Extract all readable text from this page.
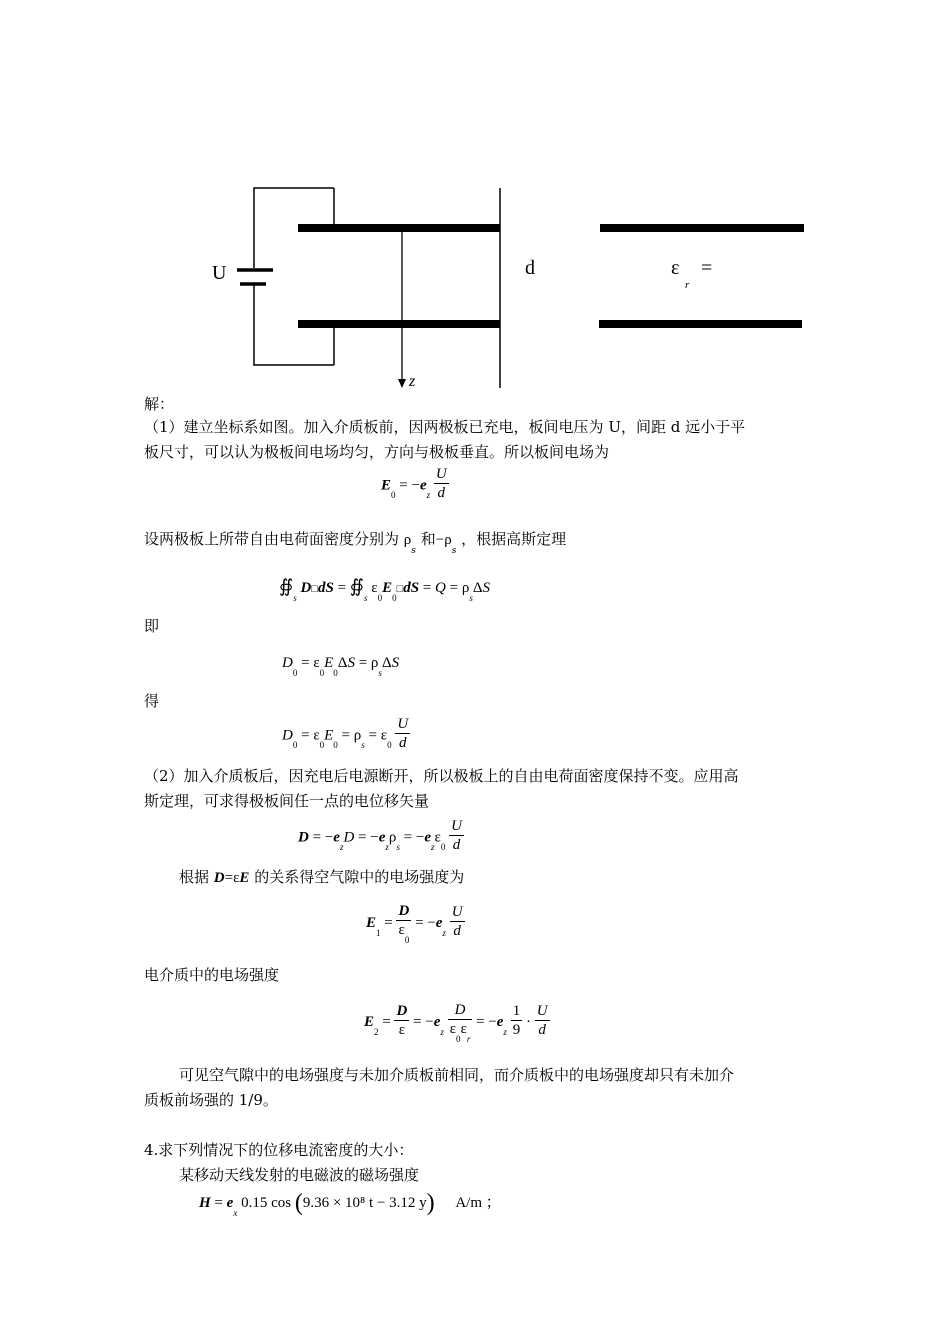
U	d
z
ε
r
=
解：
（1）建立坐标系如图。加入介质板前，因两极板已充电，板间电压为 U，间距 d 远小于平
板尺寸，可以认为极板间电场均匀，方向与极板垂直。所以板间电场为
$E_0 = -e_z \frac{U}{d}$
设两极板上所带自由电荷面密度分别为 $\rho_s$ 和$-\rho_s$ ，根据高斯定理
$∯_s$ D□dS = $∯_s$ $\varepsilon_0E_0□dS = Q = \rho_s\Delta S$
即
$D_0 = \varepsilon_0E_0\Delta S = \rho_s\Delta S$
得
$D_0 = \varepsilon_0E_0 = \rho_s = \varepsilon_0 \frac{U}{d}$
（2）加入介质板后，因充电后电源断开，所以极板上的自由电荷面密度保持不变。应用高
斯定理，可求得极板间任一点的电位移矢量
$D = -e_zD = -e_z\rho_s = -e_z\varepsilon_0 \frac{U}{d}$
根据 D=εE 的关系得空气隙中的电场强度为
$E_1 = \frac{D}{\varepsilon_0} = -e_z \frac{U}{d}$
电介质中的电场强度
$E_2 = \frac{D}{\varepsilon} = -e_z \frac{D}{\varepsilon_0\varepsilon_r} = -e_z \frac{1}{9} \cdot \frac{U}{d}$
可见空气隙中的电场强度与未加介质板前相同，而介质板中的电场强度却只有未加介
质板前场强的 1/9。
4.求下列情况下的位移电流密度的大小：
某移动天线发射的电磁波的磁场强度
$H = e_x$ 0.15 cos (9.36 × 10⁸ t − 3.12 y) A/m ；
